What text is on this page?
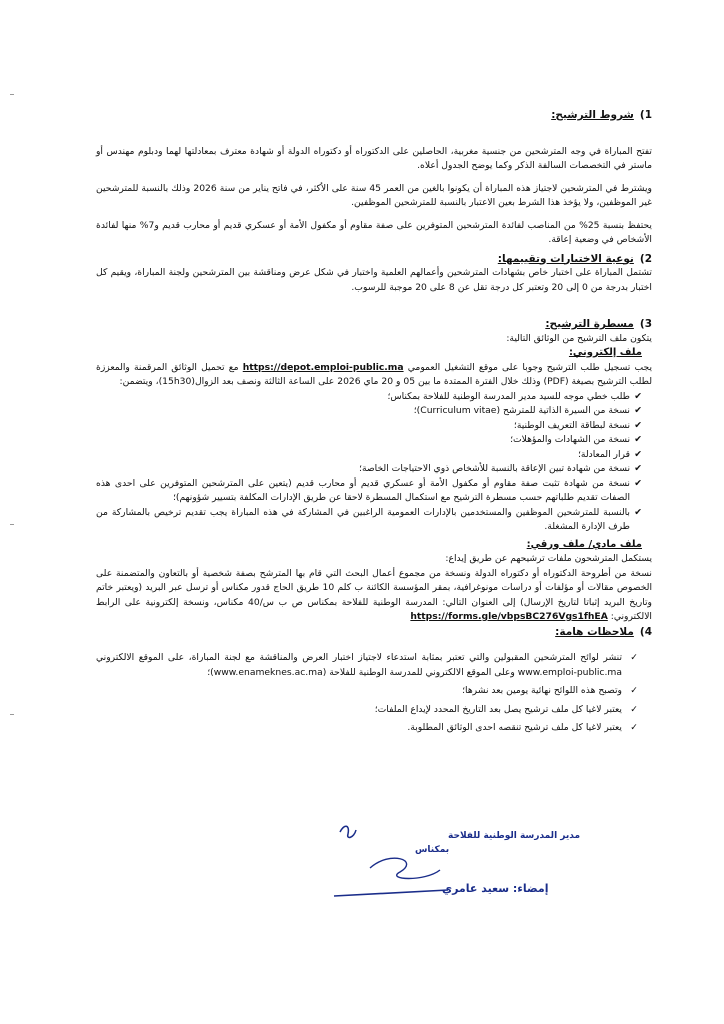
1)
شروط الترشيح:

تفتح المباراة في وجه المترشحين من جنسية مغربية، الحاصلين على الدكتوراه أو دكتوراه الدولة أو شهادة معترف بمعادلتها لهما ودبلوم مهندس أو ماستر في التخصصات السالفة الذكر وكما يوضح الجدول أعلاه.

ويشترط في المترشحين لاجتياز هذه المباراة أن يكونوا بالغين من العمر 45 سنة على الأكثر، في فاتح يناير من سنة 2026 وذلك بالنسبة للمترشحين غير الموظفين، ولا يؤخذ هذا الشرط بعين الاعتبار بالنسبة للمترشحين الموظفين.

يحتفظ بنسبة 25% من المناصب لفائدة المترشحين المتوفرين على صفة مقاوم أو مكفول الأمة أو عسكري قديم أو محارب قديم و7% منها لفائدة الأشخاص في وضعية إعاقة.

2)
نوعية الاختبارات وتقييمها:

تشتمل المباراة على اختبار خاص بشهادات المترشحين وأعمالهم العلمية واختبار في شكل عرض ومناقشة بين المترشحين ولجنة المباراة، ويقيم كل اختبار بدرجة من 0 إلى 20 وتعتبر كل درجة تقل عن 8 على 20 موجبة للرسوب.

3)
مسطرة الترشيح:

يتكون ملف الترشيح من الوثائق التالية:

ملف إلكتروني:

يجب تسجيل طلب الترشيح وجوبا على موقع التشغيل العمومي https://depot.emploi-public.ma مع تحميل الوثائق المرقمنة والمعززة لطلب الترشيح بصيغة (PDF) وذلك خلال الفترة الممتدة ما بين 05 و 20 ماي 2026 على الساعة الثالثة ونصف بعد الزوال(15h30)، ويتضمن:

✔
طلب خطي موجه للسيد مدير المدرسة الوطنية للفلاحة بمكناس؛
✔
نسخة من السيرة الذاتية للمترشح (Curriculum vitae)؛
✔
نسخة لبطاقة التعريف الوطنية؛
✔
نسخة من الشهادات والمؤهلات؛
✔
قرار المعادلة؛
✔
نسخة من شهادة تبين الإعاقة بالنسبة للأشخاص ذوي الاحتياجات الخاصة؛
✔
نسخة من شهادة تثبت صفة مقاوم أو مكفول الأمة أو عسكري قديم أو محارب قديم (يتعين على المترشحين المتوفرين على احدى هذه الصفات تقديم طلباتهم حسب مسطرة الترشيح مع استكمال المسطرة لاحقا عن طريق الإدارات المكلفة بتسيير شؤونهم)؛
✔
بالنسبة للمترشحين الموظفين والمستخدمين بالإدارات العمومية الراغبين في المشاركة في هذه المباراة يجب تقديم ترخيص بالمشاركة من طرف الإدارة المشغلة.

ملف مادي/ ملف ورقي:

يستكمل المترشحون ملفات ترشيحهم عن طريق إيداع:

نسخة من أطروحة الدكتوراه أو دكتوراه الدولة ونسخة من مجموع أعمال البحث التي قام بها المترشح بصفة شخصية أو بالتعاون والمتضمنة على الخصوص مقالات أو مؤلفات أو دراسات مونوغرافية، بمقر المؤسسة الكائنة ب كلم 10 طريق الحاج قدور مكناس أو ترسل عبر البريد (ويعتبر خاتم وتاريخ البريد إثباتا لتاريخ الإرسال) إلى العنوان التالي: المدرسة الوطنية للفلاحة بمكناس ص ب س/40 مكناس، ونسخة إلكترونية على الرابط الالكتروني: https://forms.gle/vbpsBC276Vgs1fhEA

4)
ملاحظات هامة:
✓
تنشر لوائح المترشحين المقبولين والتي تعتبر بمثابة استدعاء لاجتياز اختبار العرض والمناقشة مع لجنة المباراة، على الموقع الالكتروني www.emploi-public.ma وعلى الموقع الالكتروني للمدرسة الوطنية للفلاحة (www.enameknes.ac.ma)؛
✓
وتصبح هذه اللوائح نهائية يومين بعد نشرها؛
✓
يعتبر لاغيا كل ملف ترشيح يصل بعد التاريخ المحدد لإيداع الملفات؛
✓
يعتبر لاغيا كل ملف ترشيح تنقصه احدى الوثائق المطلوبة.
مدير المدرسة الوطنية للفلاحة
بمكناس
إمضاء: سعيد عامري
